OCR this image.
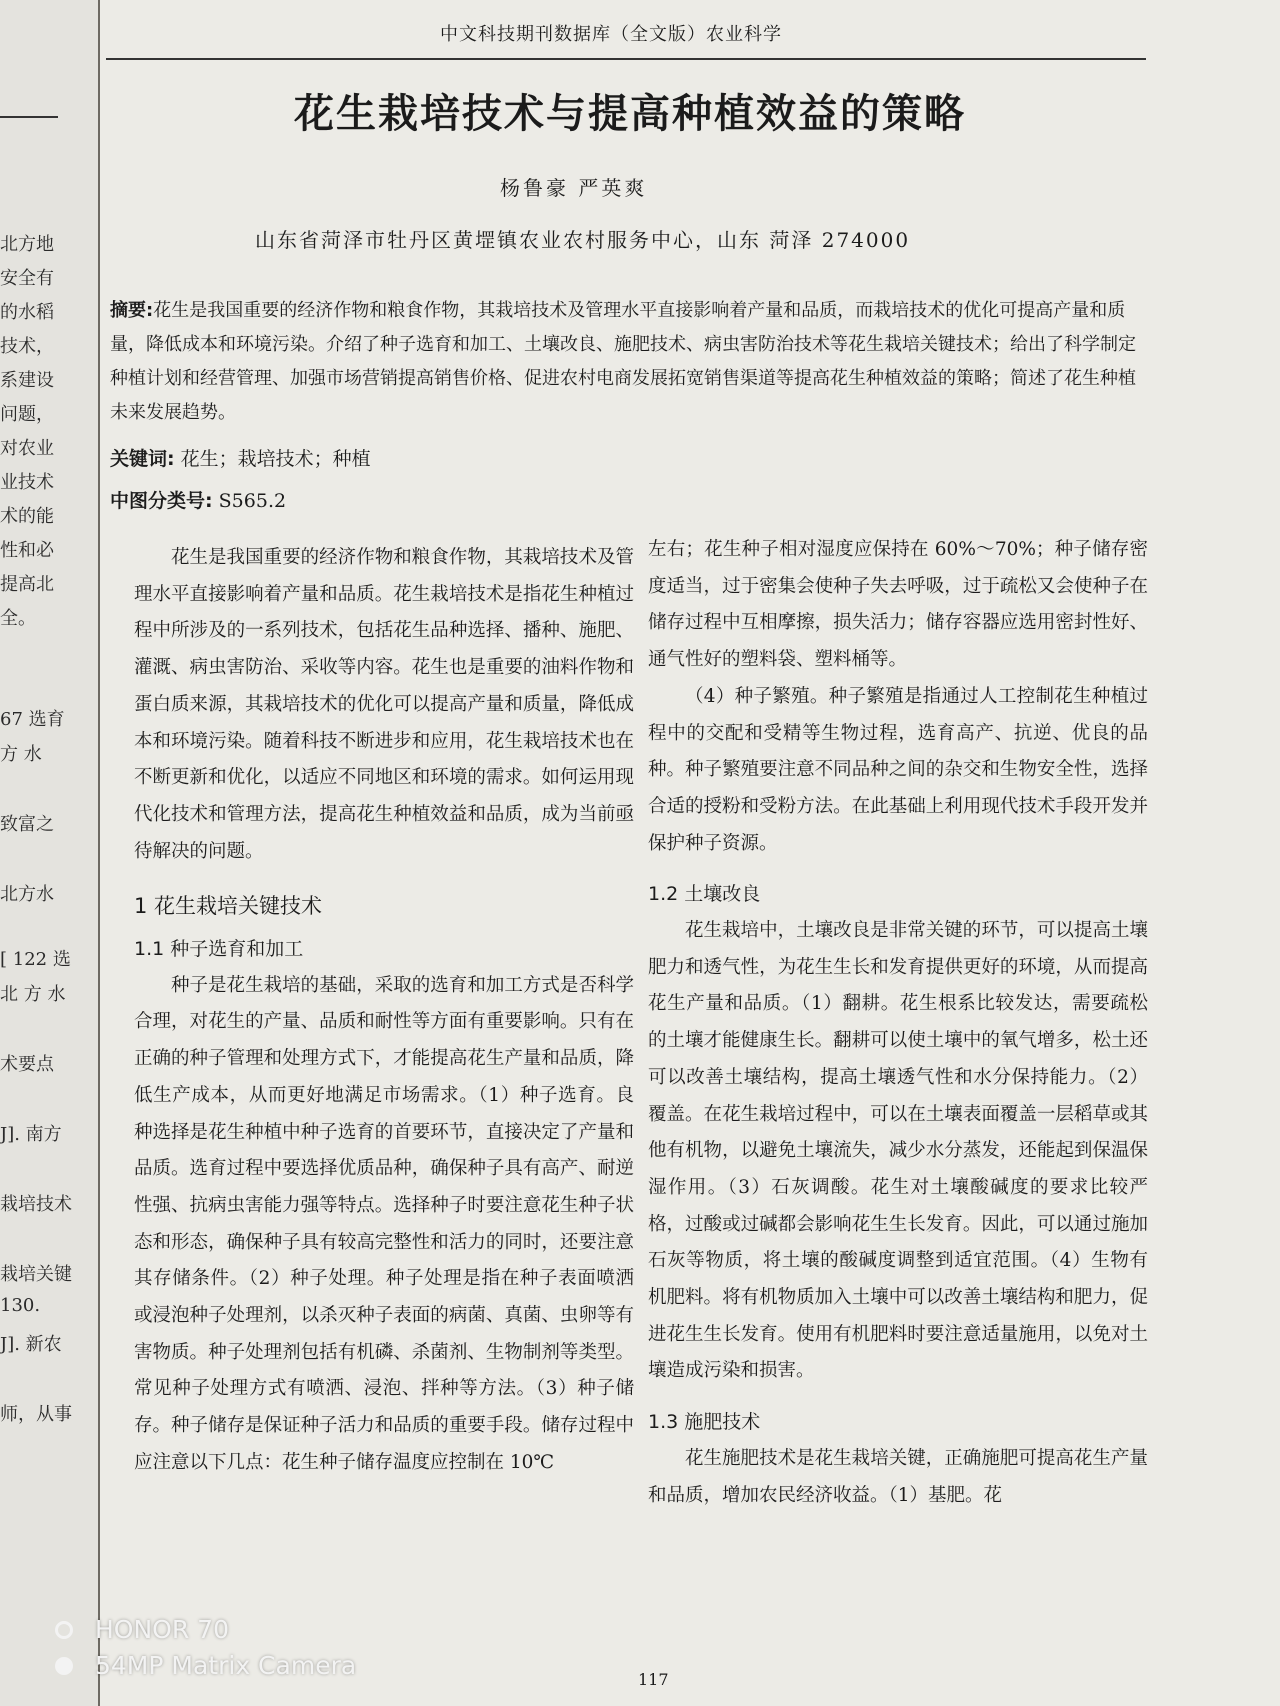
北方地
安全有
的水稻
技术，
系建设
问题，
对农业
业技术
术的能
性和必
提高北
全。
67 选育
方 水
致富之
北方水
[ 122 选
北 方 水
术要点
J]. 南方
栽培技术
栽培关键
130.
J]. 新农
师，从事
中文科技期刊数据库（全文版）农业科学
花生栽培技术与提高种植效益的策略
杨鲁豪 严英爽
山东省菏泽市牡丹区黄堽镇农业农村服务中心，山东 菏泽 274000
摘要:花生是我国重要的经济作物和粮食作物，其栽培技术及管理水平直接影响着产量和品质，而栽培技术的优化可提高产量和质量，降低成本和环境污染。介绍了种子选育和加工、土壤改良、施肥技术、病虫害防治技术等花生栽培关键技术；给出了科学制定种植计划和经营管理、加强市场营销提高销售价格、促进农村电商发展拓宽销售渠道等提高花生种植效益的策略；简述了花生种植未来发展趋势。
关键词: 花生；栽培技术；种植
中图分类号: S565.2

花生是我国重要的经济作物和粮食作物，其栽培技术及管理水平直接影响着产量和品质。花生栽培技术是指花生种植过程中所涉及的一系列技术，包括花生品种选择、播种、施肥、灌溉、病虫害防治、采收等内容。花生也是重要的油料作物和蛋白质来源，其栽培技术的优化可以提高产量和质量，降低成本和环境污染。随着科技不断进步和应用，花生栽培技术也在不断更新和优化，以适应不同地区和环境的需求。如何运用现代化技术和管理方法，提高花生种植效益和品质，成为当前亟待解决的问题。

1 花生栽培关键技术
1.1 种子选育和加工

种子是花生栽培的基础，采取的选育和加工方式是否科学合理，对花生的产量、品质和耐性等方面有重要影响。只有在正确的种子管理和处理方式下，才能提高花生产量和品质，降低生产成本，从而更好地满足市场需求。（1）种子选育。良种选择是花生种植中种子选育的首要环节，直接决定了产量和品质。选育过程中要选择优质品种，确保种子具有高产、耐逆性强、抗病虫害能力强等特点。选择种子时要注意花生种子状态和形态，确保种子具有较高完整性和活力的同时，还要注意其存储条件。（2）种子处理。种子处理是指在种子表面喷洒或浸泡种子处理剂，以杀灭种子表面的病菌、真菌、虫卵等有害物质。种子处理剂包括有机磷、杀菌剂、生物制剂等类型。常见种子处理方式有喷洒、浸泡、拌种等方法。（3）种子储存。种子储存是保证种子活力和品质的重要手段。储存过程中应注意以下几点：花生种子储存温度应控制在 10℃

左右；花生种子相对湿度应保持在 60%～70%；种子储存密度适当，过于密集会使种子失去呼吸，过于疏松又会使种子在储存过程中互相摩擦，损失活力；储存容器应选用密封性好、通气性好的塑料袋、塑料桶等。

（4）种子繁殖。种子繁殖是指通过人工控制花生种植过程中的交配和受精等生物过程，选育高产、抗逆、优良的品种。种子繁殖要注意不同品种之间的杂交和生物安全性，选择合适的授粉和受粉方法。在此基础上利用现代技术手段开发并保护种子资源。

1.2 土壤改良

花生栽培中，土壤改良是非常关键的环节，可以提高土壤肥力和透气性，为花生生长和发育提供更好的环境，从而提高花生产量和品质。（1）翻耕。花生根系比较发达，需要疏松的土壤才能健康生长。翻耕可以使土壤中的氧气增多，松土还可以改善土壤结构，提高土壤透气性和水分保持能力。（2）覆盖。在花生栽培过程中，可以在土壤表面覆盖一层稻草或其他有机物，以避免土壤流失，减少水分蒸发，还能起到保温保湿作用。（3）石灰调酸。花生对土壤酸碱度的要求比较严格，过酸或过碱都会影响花生生长发育。因此，可以通过施加石灰等物质，将土壤的酸碱度调整到适宜范围。（4）生物有机肥料。将有机物质加入土壤中可以改善土壤结构和肥力，促进花生生长发育。使用有机肥料时要注意适量施用，以免对土壤造成污染和损害。

1.3 施肥技术

花生施肥技术是花生栽培关键，正确施肥可提高花生产量和品质，增加农民经济收益。（1）基肥。花

117
HONOR 70
54MP Matrix Camera
